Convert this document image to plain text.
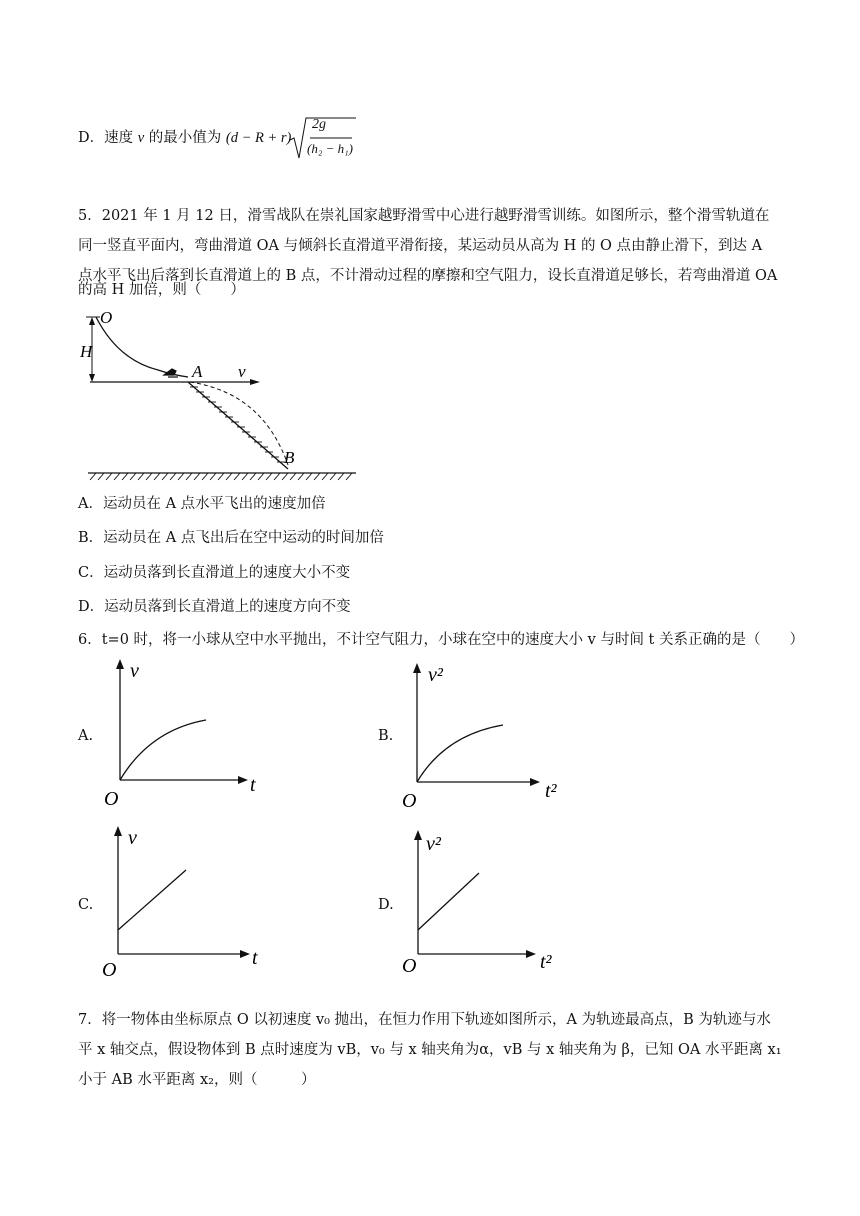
D．速度 v 的最小值为 (d − R + r)
2g
(h₂ − h₁)
5．2021 年 1 月 12 日，滑雪战队在崇礼国家越野滑雪中心进行越野滑雪训练。如图所示，整个滑雪轨道在
同一竖直平面内，弯曲滑道 OA 与倾斜长直滑道平滑衔接，某运动员从高为 H 的 O 点由静止滑下，到达 A
点水平飞出后落到长直滑道上的 B 点，不计滑动过程的摩擦和空气阻力，设长直滑道足够长，若弯曲滑道 OA
的高 H 加倍，则（　　）
O
H
A v
B
A．运动员在 A 点水平飞出的速度加倍
B．运动员在 A 点飞出后在空中运动的时间加倍
C．运动员落到长直滑道上的速度大小不变
D．运动员落到长直滑道上的速度方向不变
6．t=0 时，将一小球从空中水平抛出，不计空气阻力，小球在空中的速度大小 v 与时间 t 关系正确的是（　　）
A.
v
t
O
B.
v²
t²
O
C.
v
t
O
D.
v²
t²
O
7．将一物体由坐标原点 O 以初速度 v₀ 抛出，在恒力作用下轨迹如图所示，A 为轨迹最高点，B 为轨迹与水
平 x 轴交点，假设物体到 B 点时速度为 vB，v₀ 与 x 轴夹角为α，vB 与 x 轴夹角为 β，已知 OA 水平距离 x₁
小于 AB 水平距离 x₂，则（　　　）
